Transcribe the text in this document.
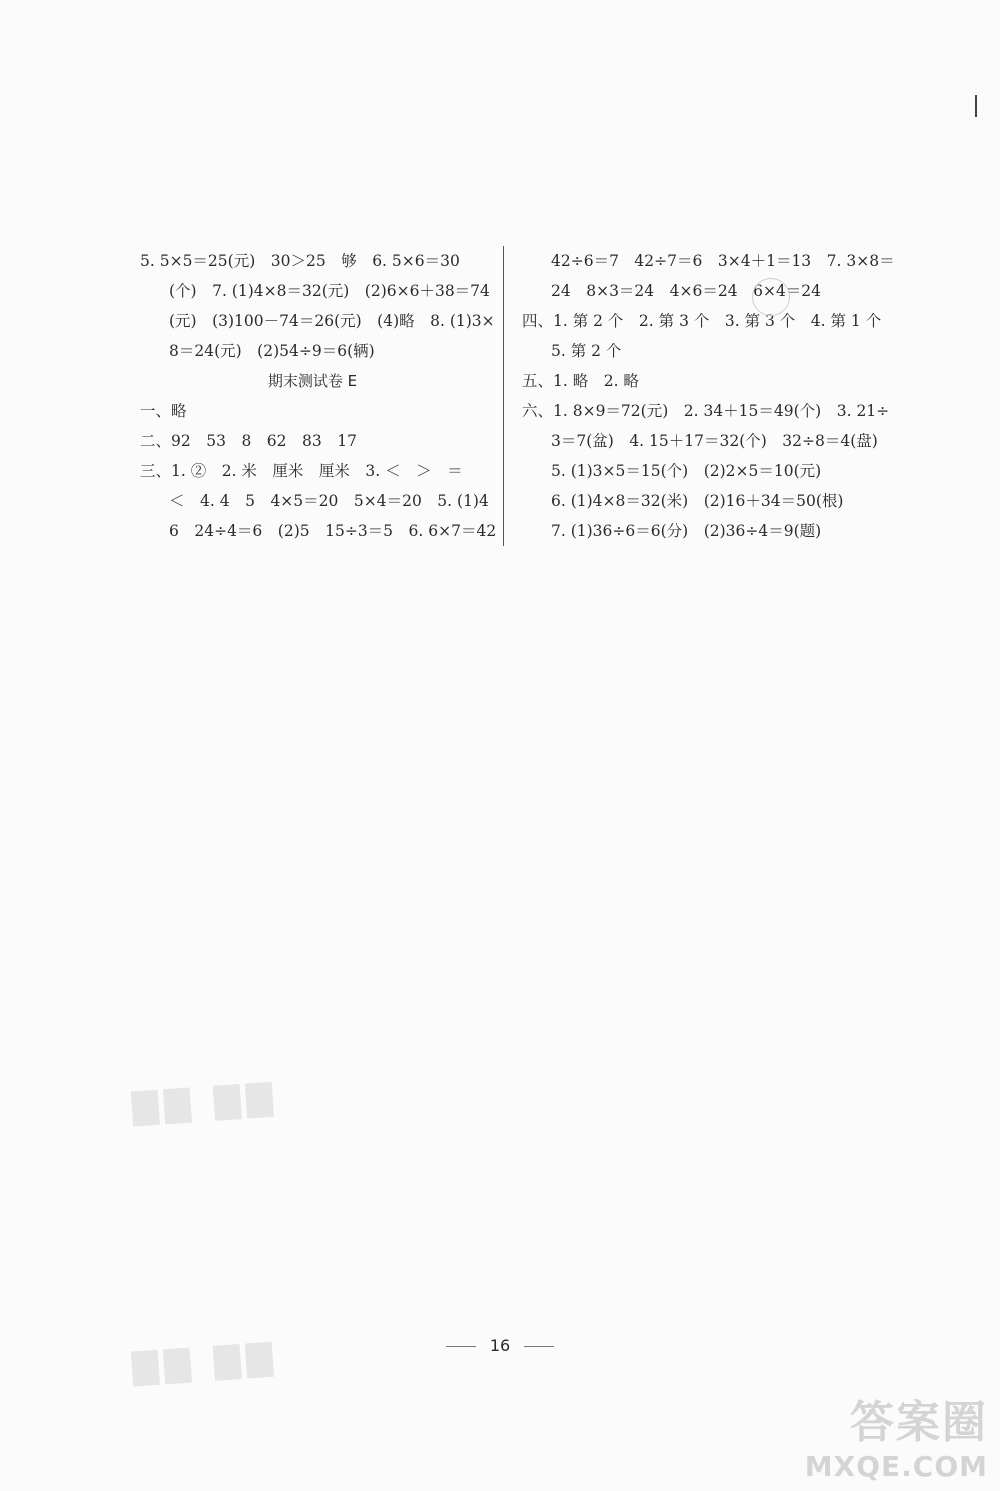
5. 5×5＝25(元)　30＞25　够　6. 5×6＝30
(个)　7. (1)4×8＝32(元)　(2)6×6＋38＝74
(元)　(3)100－74＝26(元)　(4)略　8. (1)3×
8＝24(元)　(2)54÷9＝6(辆)
期末测试卷 E
一、略
二、92　53　8　62　83　17
三、1. ②　2. 米　厘米　厘米　3. ＜　＞　＝
＜　4. 4　5　4×5＝20　5×4＝20　5. (1)4
6　24÷4＝6　(2)5　15÷3＝5　6. 6×7＝42
42÷6＝7　42÷7＝6　3×4＋1＝13　7. 3×8＝
24　8×3＝24　4×6＝24　6×4＝24
四、1. 第 2 个　2. 第 3 个　3. 第 3 个　4. 第 1 个
5. 第 2 个
五、1. 略　2. 略
六、1. 8×9＝72(元)　2. 34＋15＝49(个)　3. 21÷
3＝7(盆)　4. 15＋17＝32(个)　32÷8＝4(盘)
5. (1)3×5＝15(个)　(2)2×5＝10(元)
6. (1)4×8＝32(米)　(2)16＋34＝50(根)
7. (1)36÷6＝6(分)　(2)36÷4＝9(题)
▇▇ ▇▇
▇▇ ▇▇	16
答案圈
MXQE.COM
